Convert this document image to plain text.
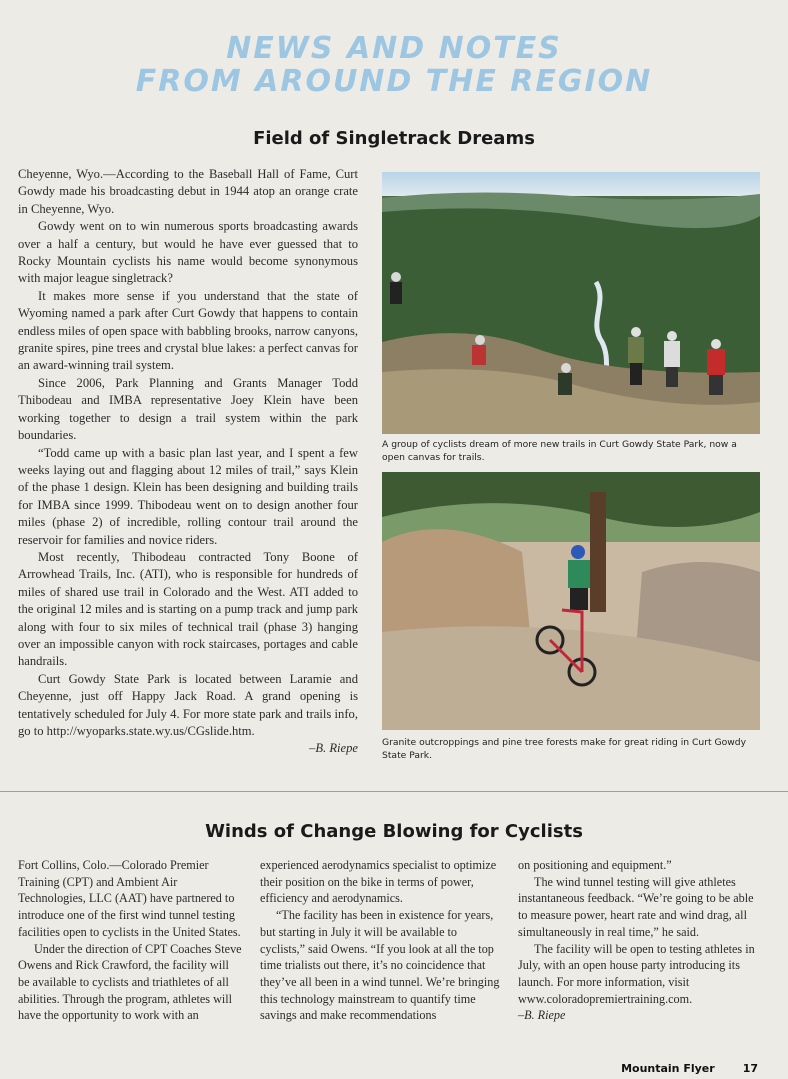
NEWS AND NOTES
FROM AROUND THE REGION
Field of Singletrack Dreams

Cheyenne, Wyo.—According to the Baseball Hall of Fame, Curt Gowdy made his broadcasting debut in 1944 atop an orange crate in Cheyenne, Wyo.

Gowdy went on to win numerous sports broadcasting awards over a half a century, but would he have ever guessed that to Rocky Mountain cyclists his name would become synonymous with major league singletrack?

It makes more sense if you understand that the state of Wyoming named a park after Curt Gowdy that happens to contain endless miles of open space with babbling brooks, narrow canyons, granite spires, pine trees and crystal blue lakes: a perfect canvas for an award-winning trail system.

Since 2006, Park Planning and Grants Manager Todd Thibodeau and IMBA representative Joey Klein have been working together to design a trail system within the park boundaries.

“Todd came up with a basic plan last year, and I spent a few weeks laying out and flagging about 12 miles of trail,” says Klein of the phase 1 design. Klein has been designing and building trails for IMBA since 1999. Thibodeau went on to design another four miles (phase 2) of incredible, rolling contour trail around the reservoir for families and novice riders.

Most recently, Thibodeau contracted Tony Boone of Arrowhead Trails, Inc. (ATI), who is responsible for hundreds of miles of shared use trail in Colorado and the West. ATI added to the original 12 miles and is starting on a pump track and jump park along with four to six miles of technical trail (phase 3) hanging over an impossible canyon with rock staircases, portages and cable handrails.

Curt Gowdy State Park is located between Laramie and Cheyenne, just off Happy Jack Road. A grand opening is tentatively scheduled for July 4. For more state park and trails info, go to http://wyoparks.state.wy.us/CGslide.htm.

–B. Riepe
A group of cyclists dream of more new trails in Curt Gowdy State Park, now a open canvas for trails.
Granite outcroppings and pine tree forests make for great riding in Curt Gowdy State Park.
Winds of Change Blowing for Cyclists

Fort Collins, Colo.—Colorado Premier Training (CPT) and Ambient Air Technologies, LLC (AAT) have partnered to introduce one of the first wind tunnel testing facilities open to cyclists in the United States.

Under the direction of CPT Coaches Steve Owens and Rick Crawford, the facility will be available to cyclists and triathletes of all abilities. Through the program, athletes will have the opportunity to work with an

experienced aerodynamics specialist to optimize their position on the bike in terms of power, efficiency and aerodynamics.

“The facility has been in existence for years, but starting in July it will be available to cyclists,” said Owens. “If you look at all the top time trialists out there, it’s no coincidence that they’ve all been in a wind tunnel. We’re bringing this technology mainstream to quantify time savings and make recommendations

on positioning and equipment.”

The wind tunnel testing will give athletes instantaneous feedback. “We’re going to be able to measure power, heart rate and wind drag, all simultaneously in real time,” he said.

The facility will be open to testing athletes in July, with an open house party introducing its launch. For more information, visit www.coloradopremiertraining.com.

–B. Riepe
Mountain Flyer	17
